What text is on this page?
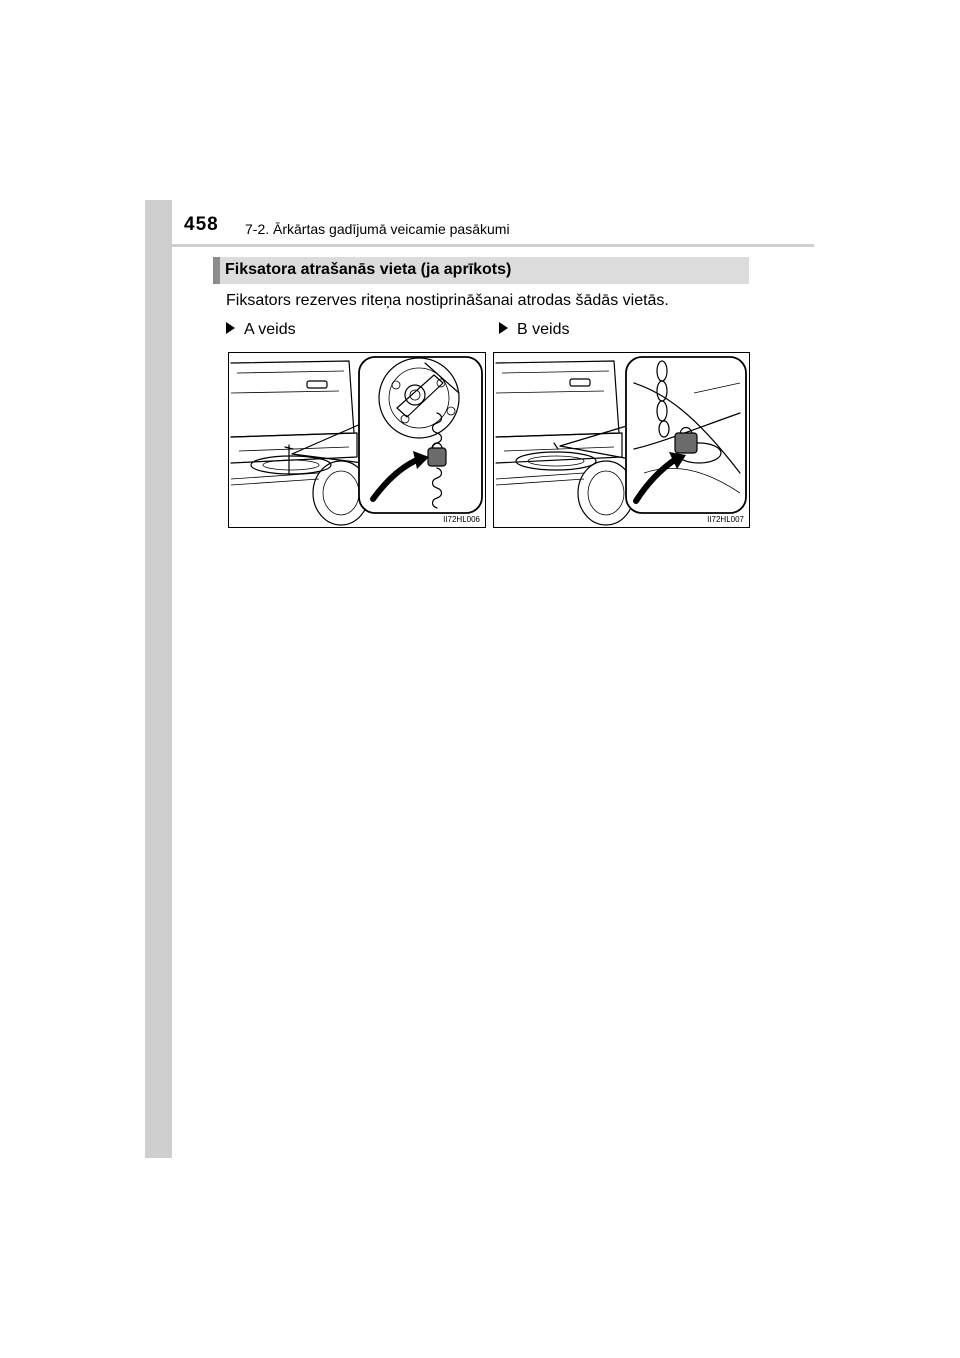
458 7-2. Ārkārtas gadījumā veicamie pasākumi
Fiksatora atrašanās vieta (ja aprīkots)
Fiksators rezerves riteņa nostiprināšanai atrodas šādās vietās.
A veids	B veids
II72HL006	II72HL007
